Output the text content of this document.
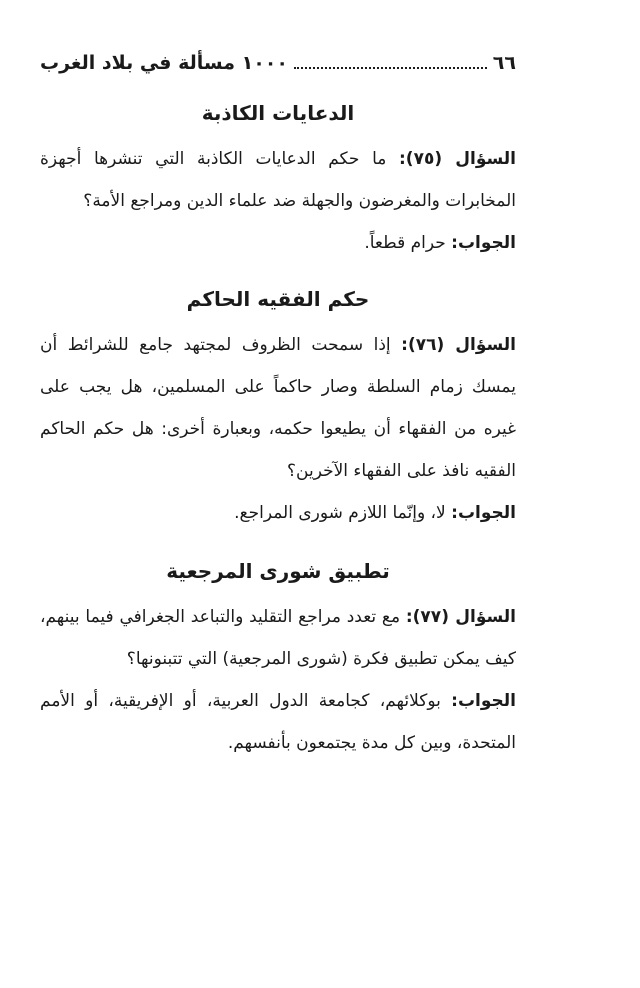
٦٦
١٠٠٠ مسألة في بلاد الغرب
الدعايات الكاذبة

السؤال (٧٥): ما حكم الدعايات الكاذبة التي تنشرها أجهزة المخابرات والمغرضون والجهلة ضد علماء الدين ومراجع الأمة؟

الجواب: حرام قطعاً.

حكم الفقيه الحاكم

السؤال (٧٦): إذا سمحت الظروف لمجتهد جامع للشرائط أن يمسك زمام السلطة وصار حاكماً على المسلمين، هل يجب على غيره من الفقهاء أن يطيعوا حكمه، وبعبارة أخرى: هل حكم الحاكم الفقيه نافذ على الفقهاء الآخرين؟

الجواب: لا، وإنّما اللازم شورى المراجع.

تطبيق شورى المرجعية

السؤال (٧٧): مع تعدد مراجع التقليد والتباعد الجغرافي فيما بينهم، كيف يمكن تطبيق فكرة (شورى المرجعية) التي تتبنونها؟

الجواب: بوكلائهم، كجامعة الدول العربية، أو الإفريقية، أو الأمم المتحدة، وبين كل مدة يجتمعون بأنفسهم.
